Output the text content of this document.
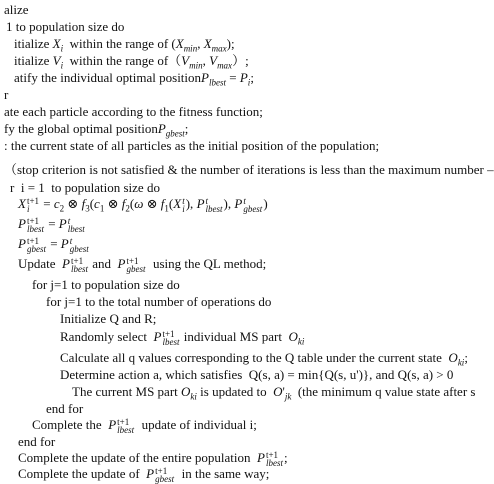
alize
1 to population size do
itialize $X_i$  within the range of ($X_{min}$, $X_{max}$);
itialize $V_i$  within the range $of(V_{min}$, $V_{max}$）;
atify the individual optimal positionP$_{lbest}$ = $P_i$;
r
ate each particle according to the fitness function;
fy the global optimal positionP$_{gbest}$;
: the current state of all particles as the initial position of the population;
（stop criterion is not satisfied & the number of iterations is less than the maximum number –
r  i = 1  to population size do
X t+1
$i = c_2$ ⊗ $f_3(c_1$ ⊗ $f_2(\omega$ ⊗ $f_1(X$ t
i ), P t
lbest ), P t
gbest )
P t+1
lbest = P t
lbest
P t+1
gbest = P t
gbest
Update  P t+1
lbest and  P t+1
gbest using the QL method;
for j=1 to population size do
for j=1 to the total number of operations do
Initialize Q and R;
Randomly select  P t+1
lbest individual MS part  $O_{ki}$
Calculate all q values corresponding to the Q table under the current state  $O_{ki}$;
Determine action a, which satisfies  Q(s, a) = min{Q(s, u')}, and Q(s, a) > 0
The current MS part $O_{ki}$ is updated to  $O'_{jk}$  (the minimum q value state after s
end for
Complete the  P t+1
lbest update of individual i;
end for
Complete the update of the entire population  P t+1
lbest ;
Complete the update of  P t+1
gbest in the same way;
